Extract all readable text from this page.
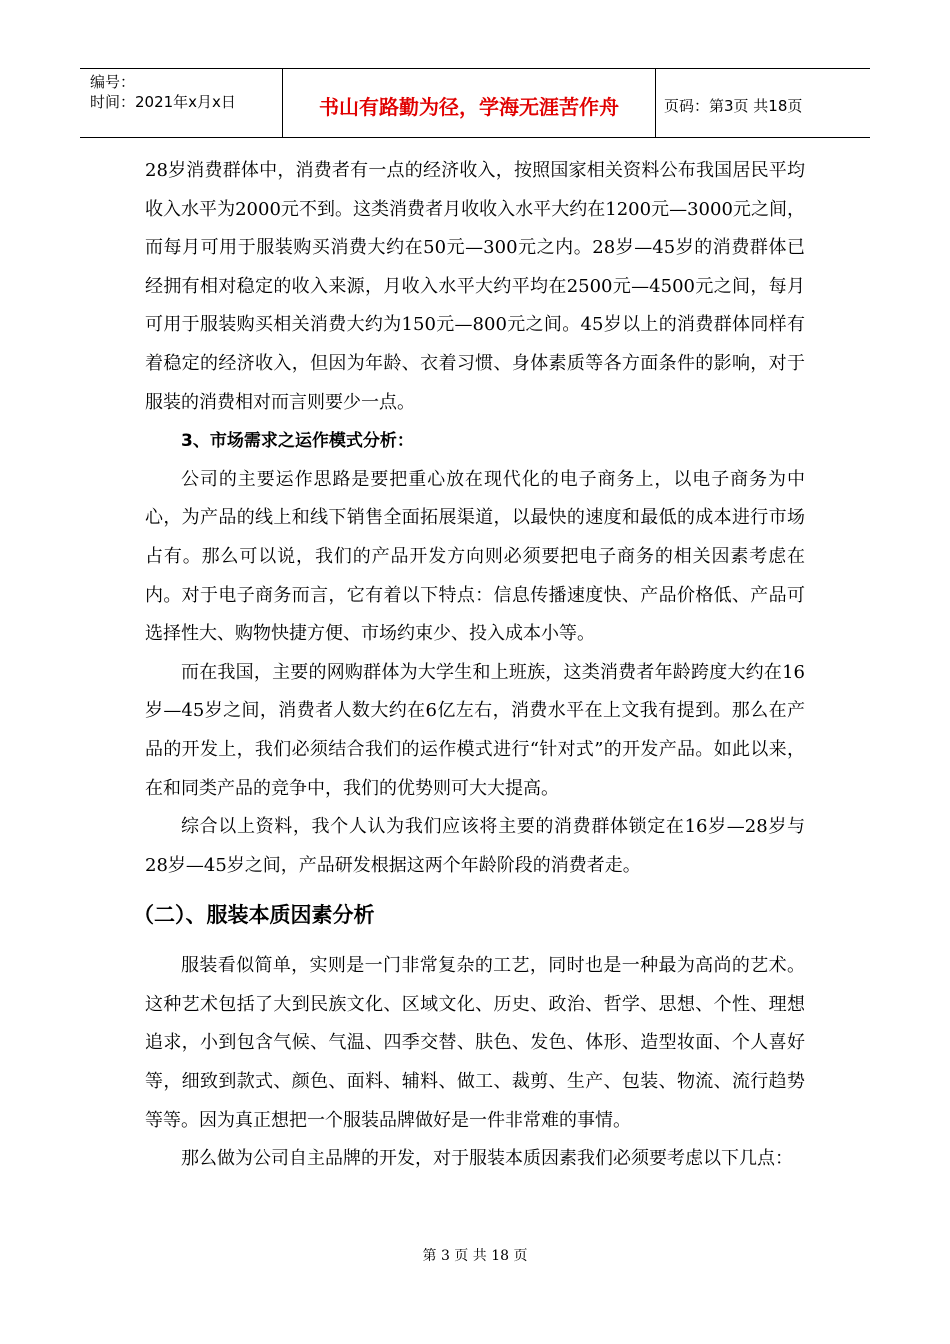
编号：
时间：2021年x月x日	书山有路勤为径，学海无涯苦作舟	页码：第3页 共18页

28岁消费群体中，消费者有一点的经济收入，按照国家相关资料公布我国居民平均收入水平为2000元不到。这类消费者月收收入水平大约在1200元—3000元之间，而每月可用于服装购买消费大约在50元—300元之内。28岁—45岁的消费群体已经拥有相对稳定的收入来源，月收入水平大约平均在2500元—4500元之间，每月可用于服装购买相关消费大约为150元—800元之间。45岁以上的消费群体同样有着稳定的经济收入，但因为年龄、衣着习惯、身体素质等各方面条件的影响，对于服装的消费相对而言则要少一点。

3、市场需求之运作模式分析：

公司的主要运作思路是要把重心放在现代化的电子商务上，以电子商务为中心，为产品的线上和线下销售全面拓展渠道，以最快的速度和最低的成本进行市场占有。那么可以说，我们的产品开发方向则必须要把电子商务的相关因素考虑在内。对于电子商务而言，它有着以下特点：信息传播速度快、产品价格低、产品可选择性大、购物快捷方便、市场约束少、投入成本小等。

而在我国，主要的网购群体为大学生和上班族，这类消费者年龄跨度大约在16岁—45岁之间，消费者人数大约在6亿左右，消费水平在上文我有提到。那么在产品的开发上，我们必须结合我们的运作模式进行“针对式”的开发产品。如此以来，在和同类产品的竞争中，我们的优势则可大大提高。

综合以上资料，我个人认为我们应该将主要的消费群体锁定在16岁—28岁与28岁—45岁之间，产品研发根据这两个年龄阶段的消费者走。

（二）、服装本质因素分析

服装看似简单，实则是一门非常复杂的工艺，同时也是一种最为高尚的艺术。这种艺术包括了大到民族文化、区域文化、历史、政治、哲学、思想、个性、理想追求，小到包含气候、气温、四季交替、肤色、发色、体形、造型妆面、个人喜好等，细致到款式、颜色、面料、辅料、做工、裁剪、生产、包装、物流、流行趋势等等。因为真正想把一个服装品牌做好是一件非常难的事情。

那么做为公司自主品牌的开发，对于服装本质因素我们必须要考虑以下几点：

第 3 页 共 18 页
